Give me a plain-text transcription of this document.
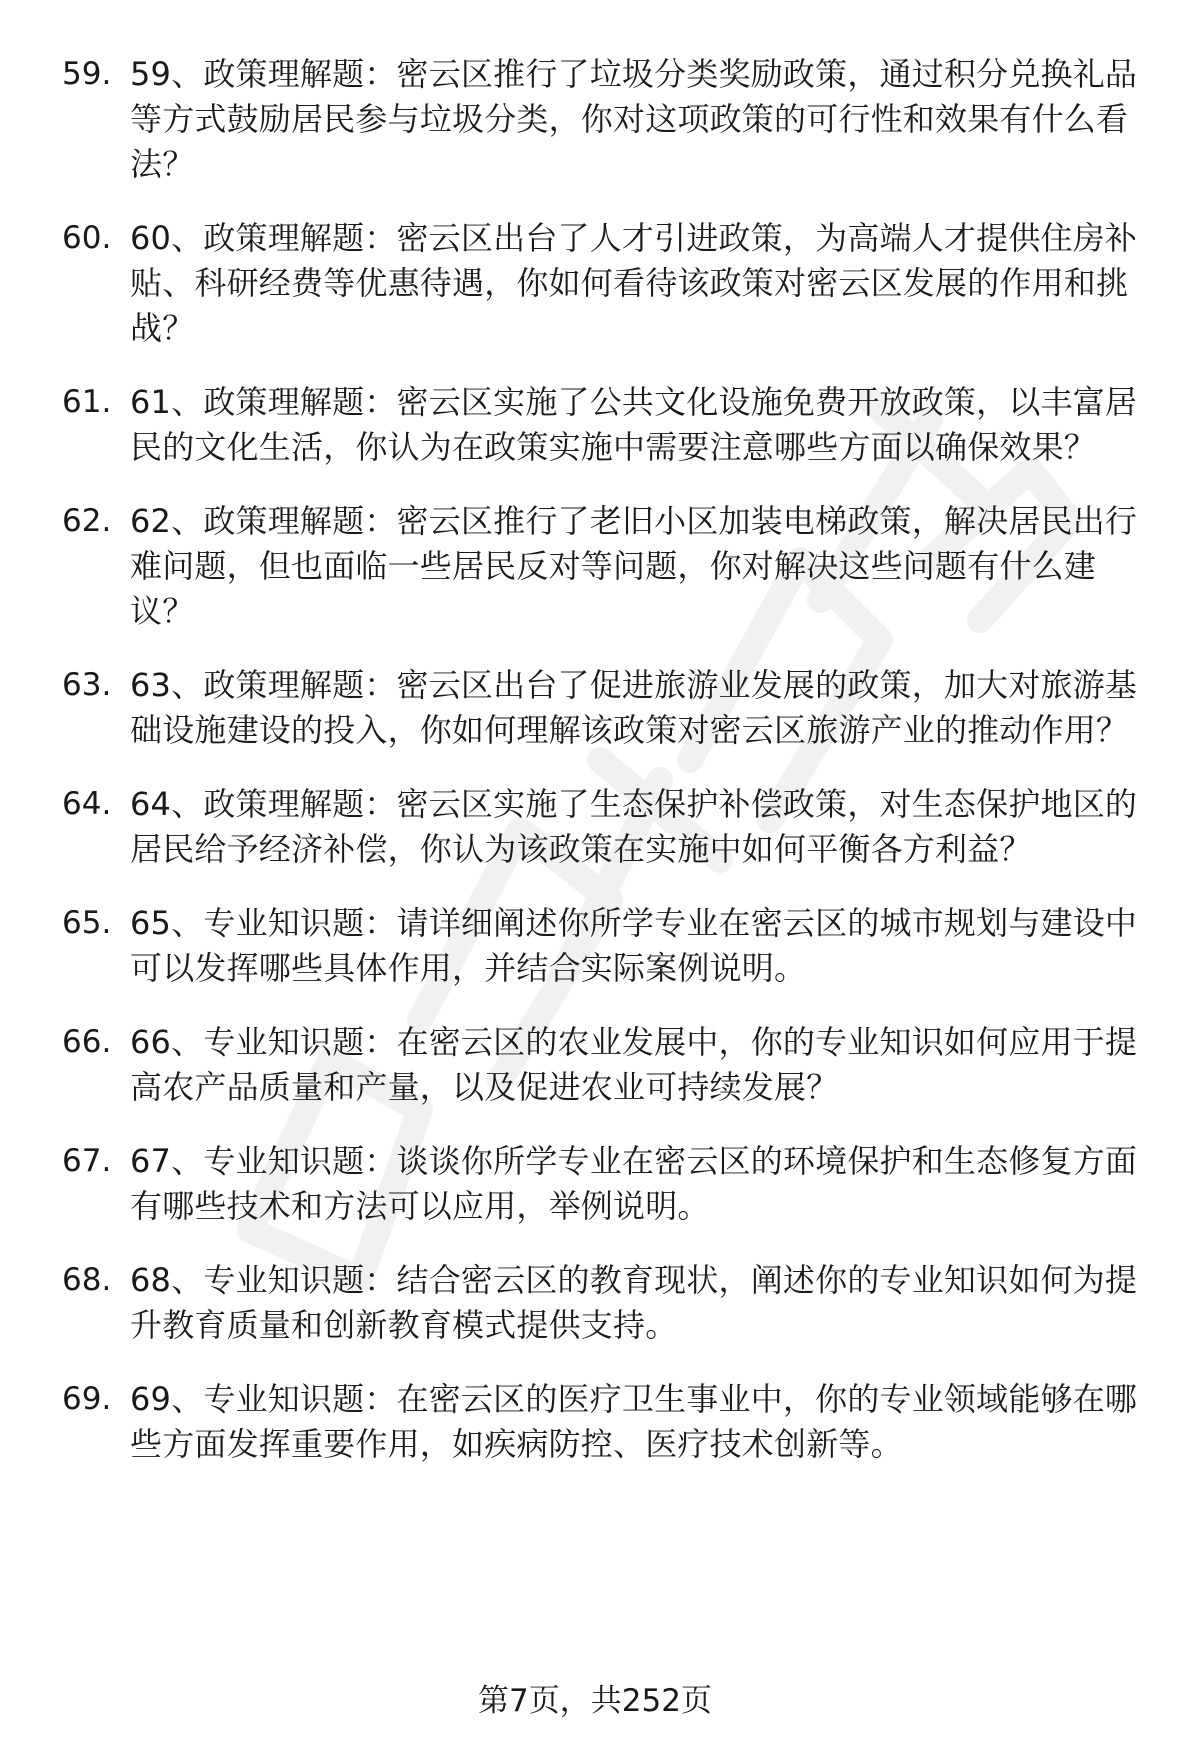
59. 59、政策理解题：密云区推行了垃圾分类奖励政策，通过积分兑换礼品等方式鼓励居民参与垃圾分类，你对这项政策的可行性和效果有什么看法？
60. 60、政策理解题：密云区出台了人才引进政策，为高端人才提供住房补贴、科研经费等优惠待遇，你如何看待该政策对密云区发展的作用和挑战？
61. 61、政策理解题：密云区实施了公共文化设施免费开放政策，以丰富居民的文化生活，你认为在政策实施中需要注意哪些方面以确保效果？
62. 62、政策理解题：密云区推行了老旧小区加装电梯政策，解决居民出行难问题，但也面临一些居民反对等问题，你对解决这些问题有什么建议？
63. 63、政策理解题：密云区出台了促进旅游业发展的政策，加大对旅游基础设施建设的投入，你如何理解该政策对密云区旅游产业的推动作用？
64. 64、政策理解题：密云区实施了生态保护补偿政策，对生态保护地区的居民给予经济补偿，你认为该政策在实施中如何平衡各方利益？
65. 65、专业知识题：请详细阐述你所学专业在密云区的城市规划与建设中可以发挥哪些具体作用，并结合实际案例说明。
66. 66、专业知识题：在密云区的农业发展中，你的专业知识如何应用于提高农产品质量和产量，以及促进农业可持续发展？
67. 67、专业知识题：谈谈你所学专业在密云区的环境保护和生态修复方面有哪些技术和方法可以应用，举例说明。
68. 68、专业知识题：结合密云区的教育现状，阐述你的专业知识如何为提升教育质量和创新教育模式提供支持。
69. 69、专业知识题：在密云区的医疗卫生事业中，你的专业领域能够在哪些方面发挥重要作用，如疾病防控、医疗技术创新等。
第7页，共252页
